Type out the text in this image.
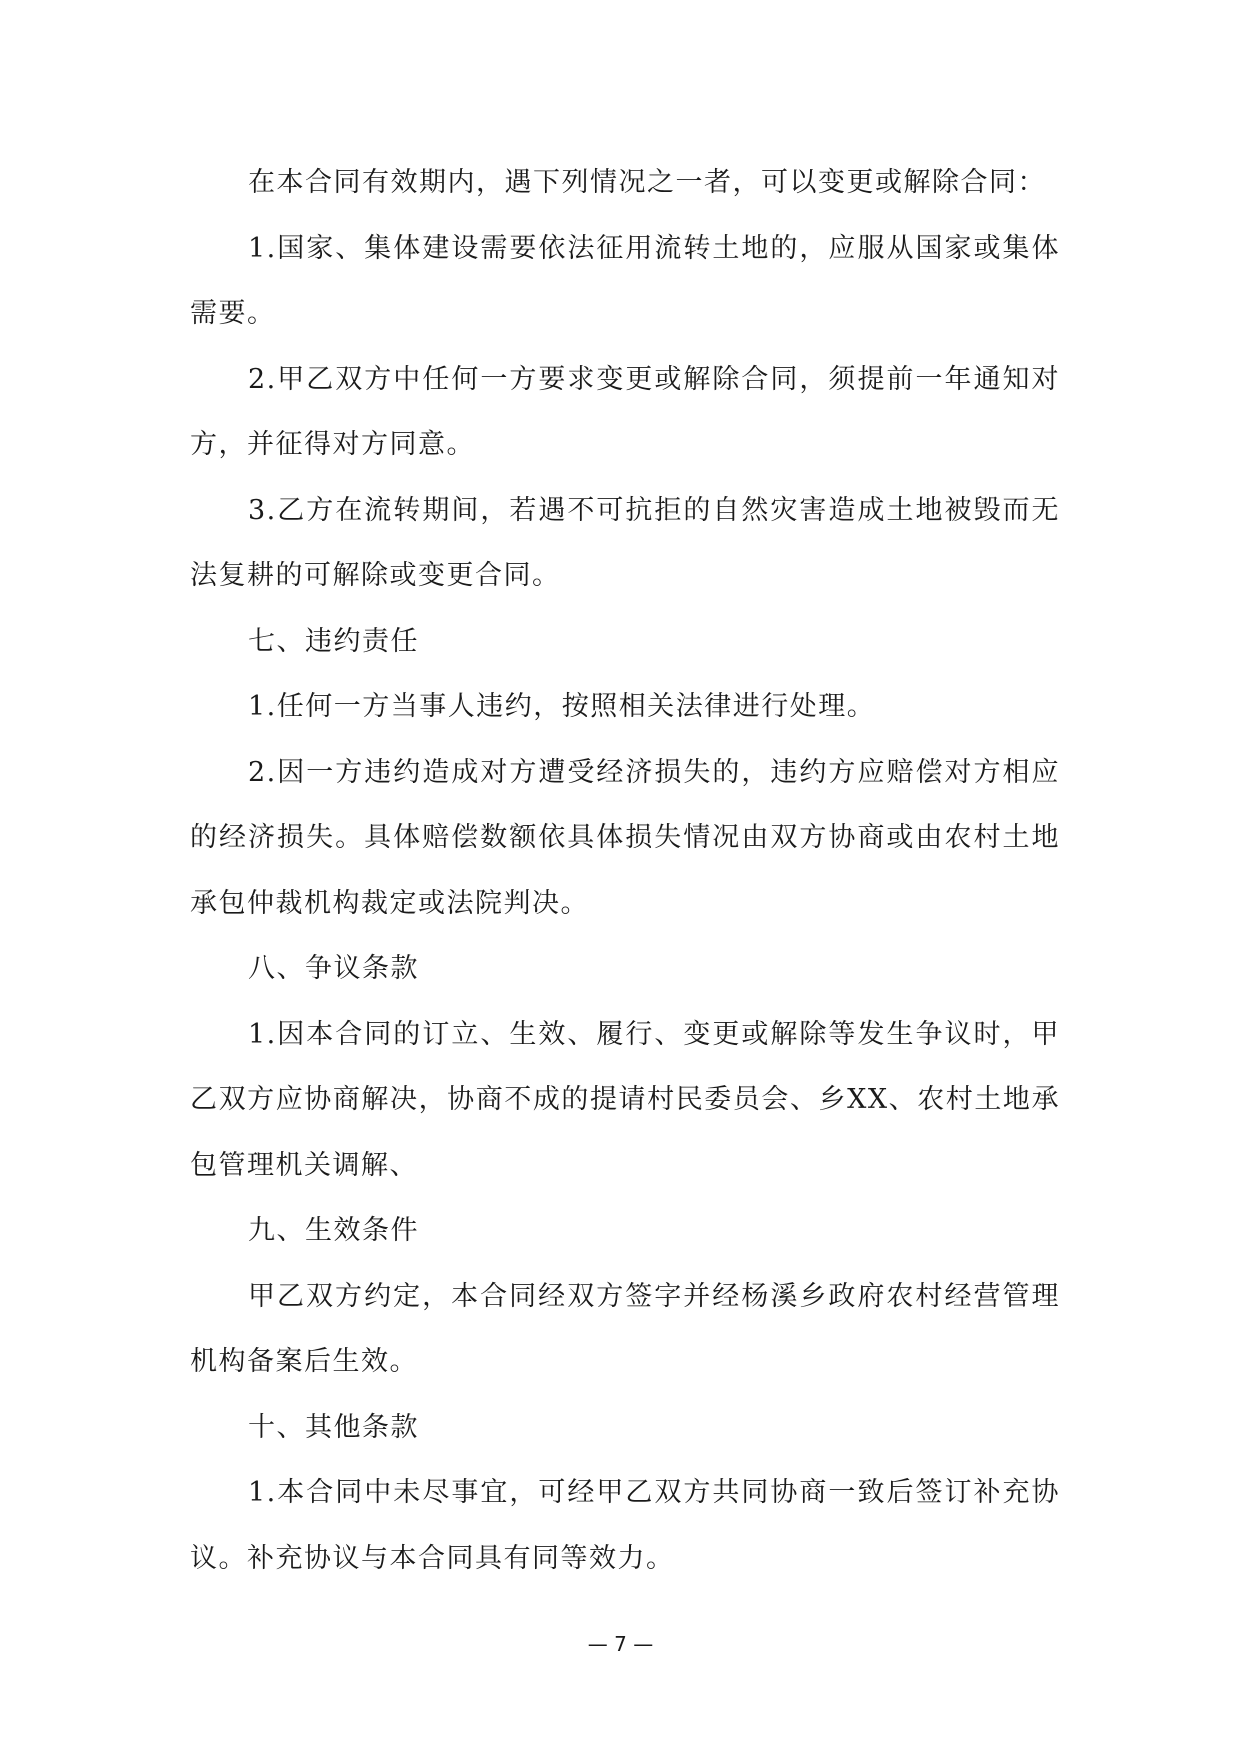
在本合同有效期内，遇下列情况之一者，可以变更或解除合同：

1.国家、集体建设需要依法征用流转土地的，应服从国家或集体需要。

2.甲乙双方中任何一方要求变更或解除合同，须提前一年通知对方，并征得对方同意。

3.乙方在流转期间，若遇不可抗拒的自然灾害造成土地被毁而无法复耕的可解除或变更合同。

七、违约责任

1.任何一方当事人违约，按照相关法律进行处理。

2.因一方违约造成对方遭受经济损失的，违约方应赔偿对方相应的经济损失。具体赔偿数额依具体损失情况由双方协商或由农村土地承包仲裁机构裁定或法院判决。

八、争议条款

1.因本合同的订立、生效、履行、变更或解除等发生争议时，甲乙双方应协商解决，协商不成的提请村民委员会、乡XX、农村土地承包管理机关调解、

九、生效条件

甲乙双方约定，本合同经双方签字并经杨溪乡政府农村经营管理机构备案后生效。

十、其他条款

1.本合同中未尽事宜，可经甲乙双方共同协商一致后签订补充协议。补充协议与本合同具有同等效力。

— 7 —
